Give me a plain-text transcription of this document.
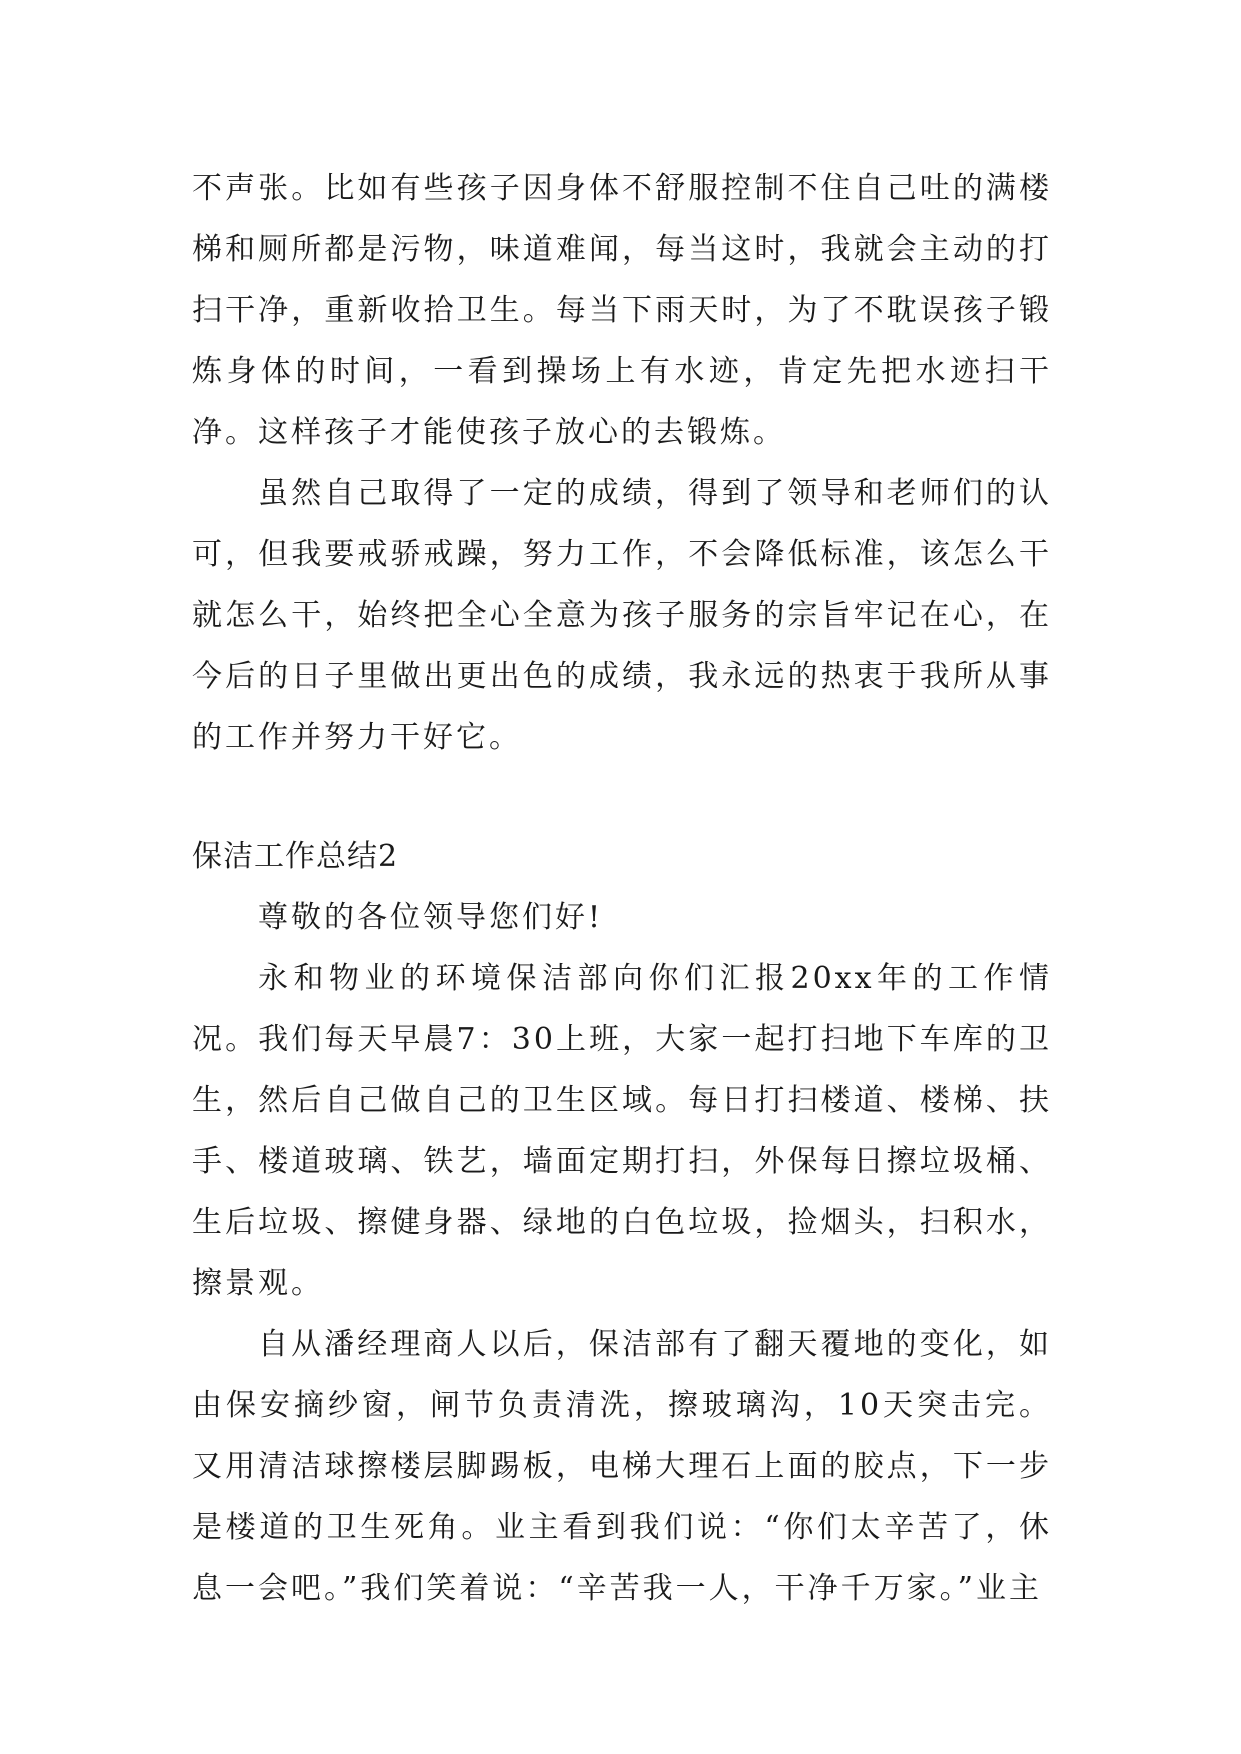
不声张。比如有些孩子因身体不舒服控制不住自己吐的满楼梯和厕所都是污物，味道难闻，每当这时，我就会主动的打扫干净，重新收拾卫生。每当下雨天时，为了不耽误孩子锻炼身体的时间，一看到操场上有水迹，肯定先把水迹扫干净。这样孩子才能使孩子放心的去锻炼。

虽然自己取得了一定的成绩，得到了领导和老师们的认可，但我要戒骄戒躁，努力工作，不会降低标准，该怎么干就怎么干，始终把全心全意为孩子服务的宗旨牢记在心，在今后的日子里做出更出色的成绩，我永远的热衷于我所从事的工作并努力干好它。

保洁工作总结2

尊敬的各位领导您们好!

永和物业的环境保洁部向你们汇报20xx年的工作情况。我们每天早晨7：30上班，大家一起打扫地下车库的卫生，然后自己做自己的卫生区域。每日打扫楼道、楼梯、扶手、楼道玻璃、铁艺，墙面定期打扫，外保每日擦垃圾桶、生后垃圾、擦健身器、绿地的白色垃圾，捡烟头，扫积水，擦景观。

自从潘经理商人以后，保洁部有了翻天覆地的变化，如由保安摘纱窗，闸节负责清洗，擦玻璃沟，10天突击完。又用清洁球擦楼层脚踢板，电梯大理石上面的胶点，下一步是楼道的卫生死角。业主看到我们说：“你们太辛苦了，休息一会吧。”我们笑着说：“辛苦我一人，干净千万家。”业主
